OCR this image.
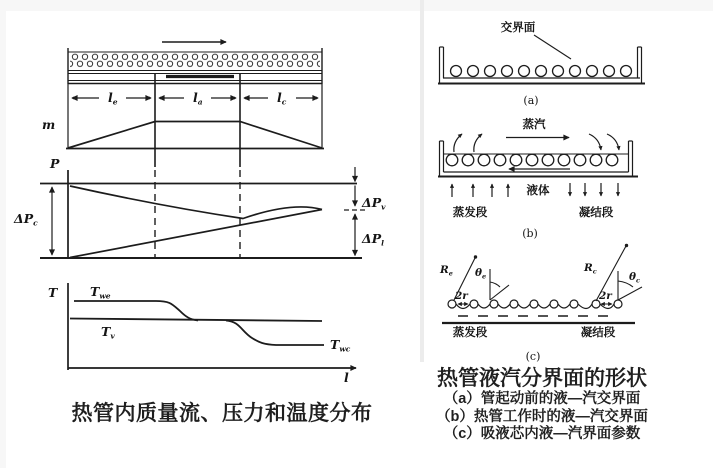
le	la	lc
m
P
ΔPc
ΔPv
ΔPl
T
l
Twe
Tv
Twc
交界面
(a)
蒸汽
液体
蒸发段	凝结段
(b)
Re θe
2r
Rc	θc
2r
蒸发段	凝结段
(c)
热管内质量流、压力和温度分布
热管液汽分界面的形状
（a）管起动前的液—汽交界面
（b）热管工作时的液—汽交界面
（c）吸液芯内液—汽界面参数
